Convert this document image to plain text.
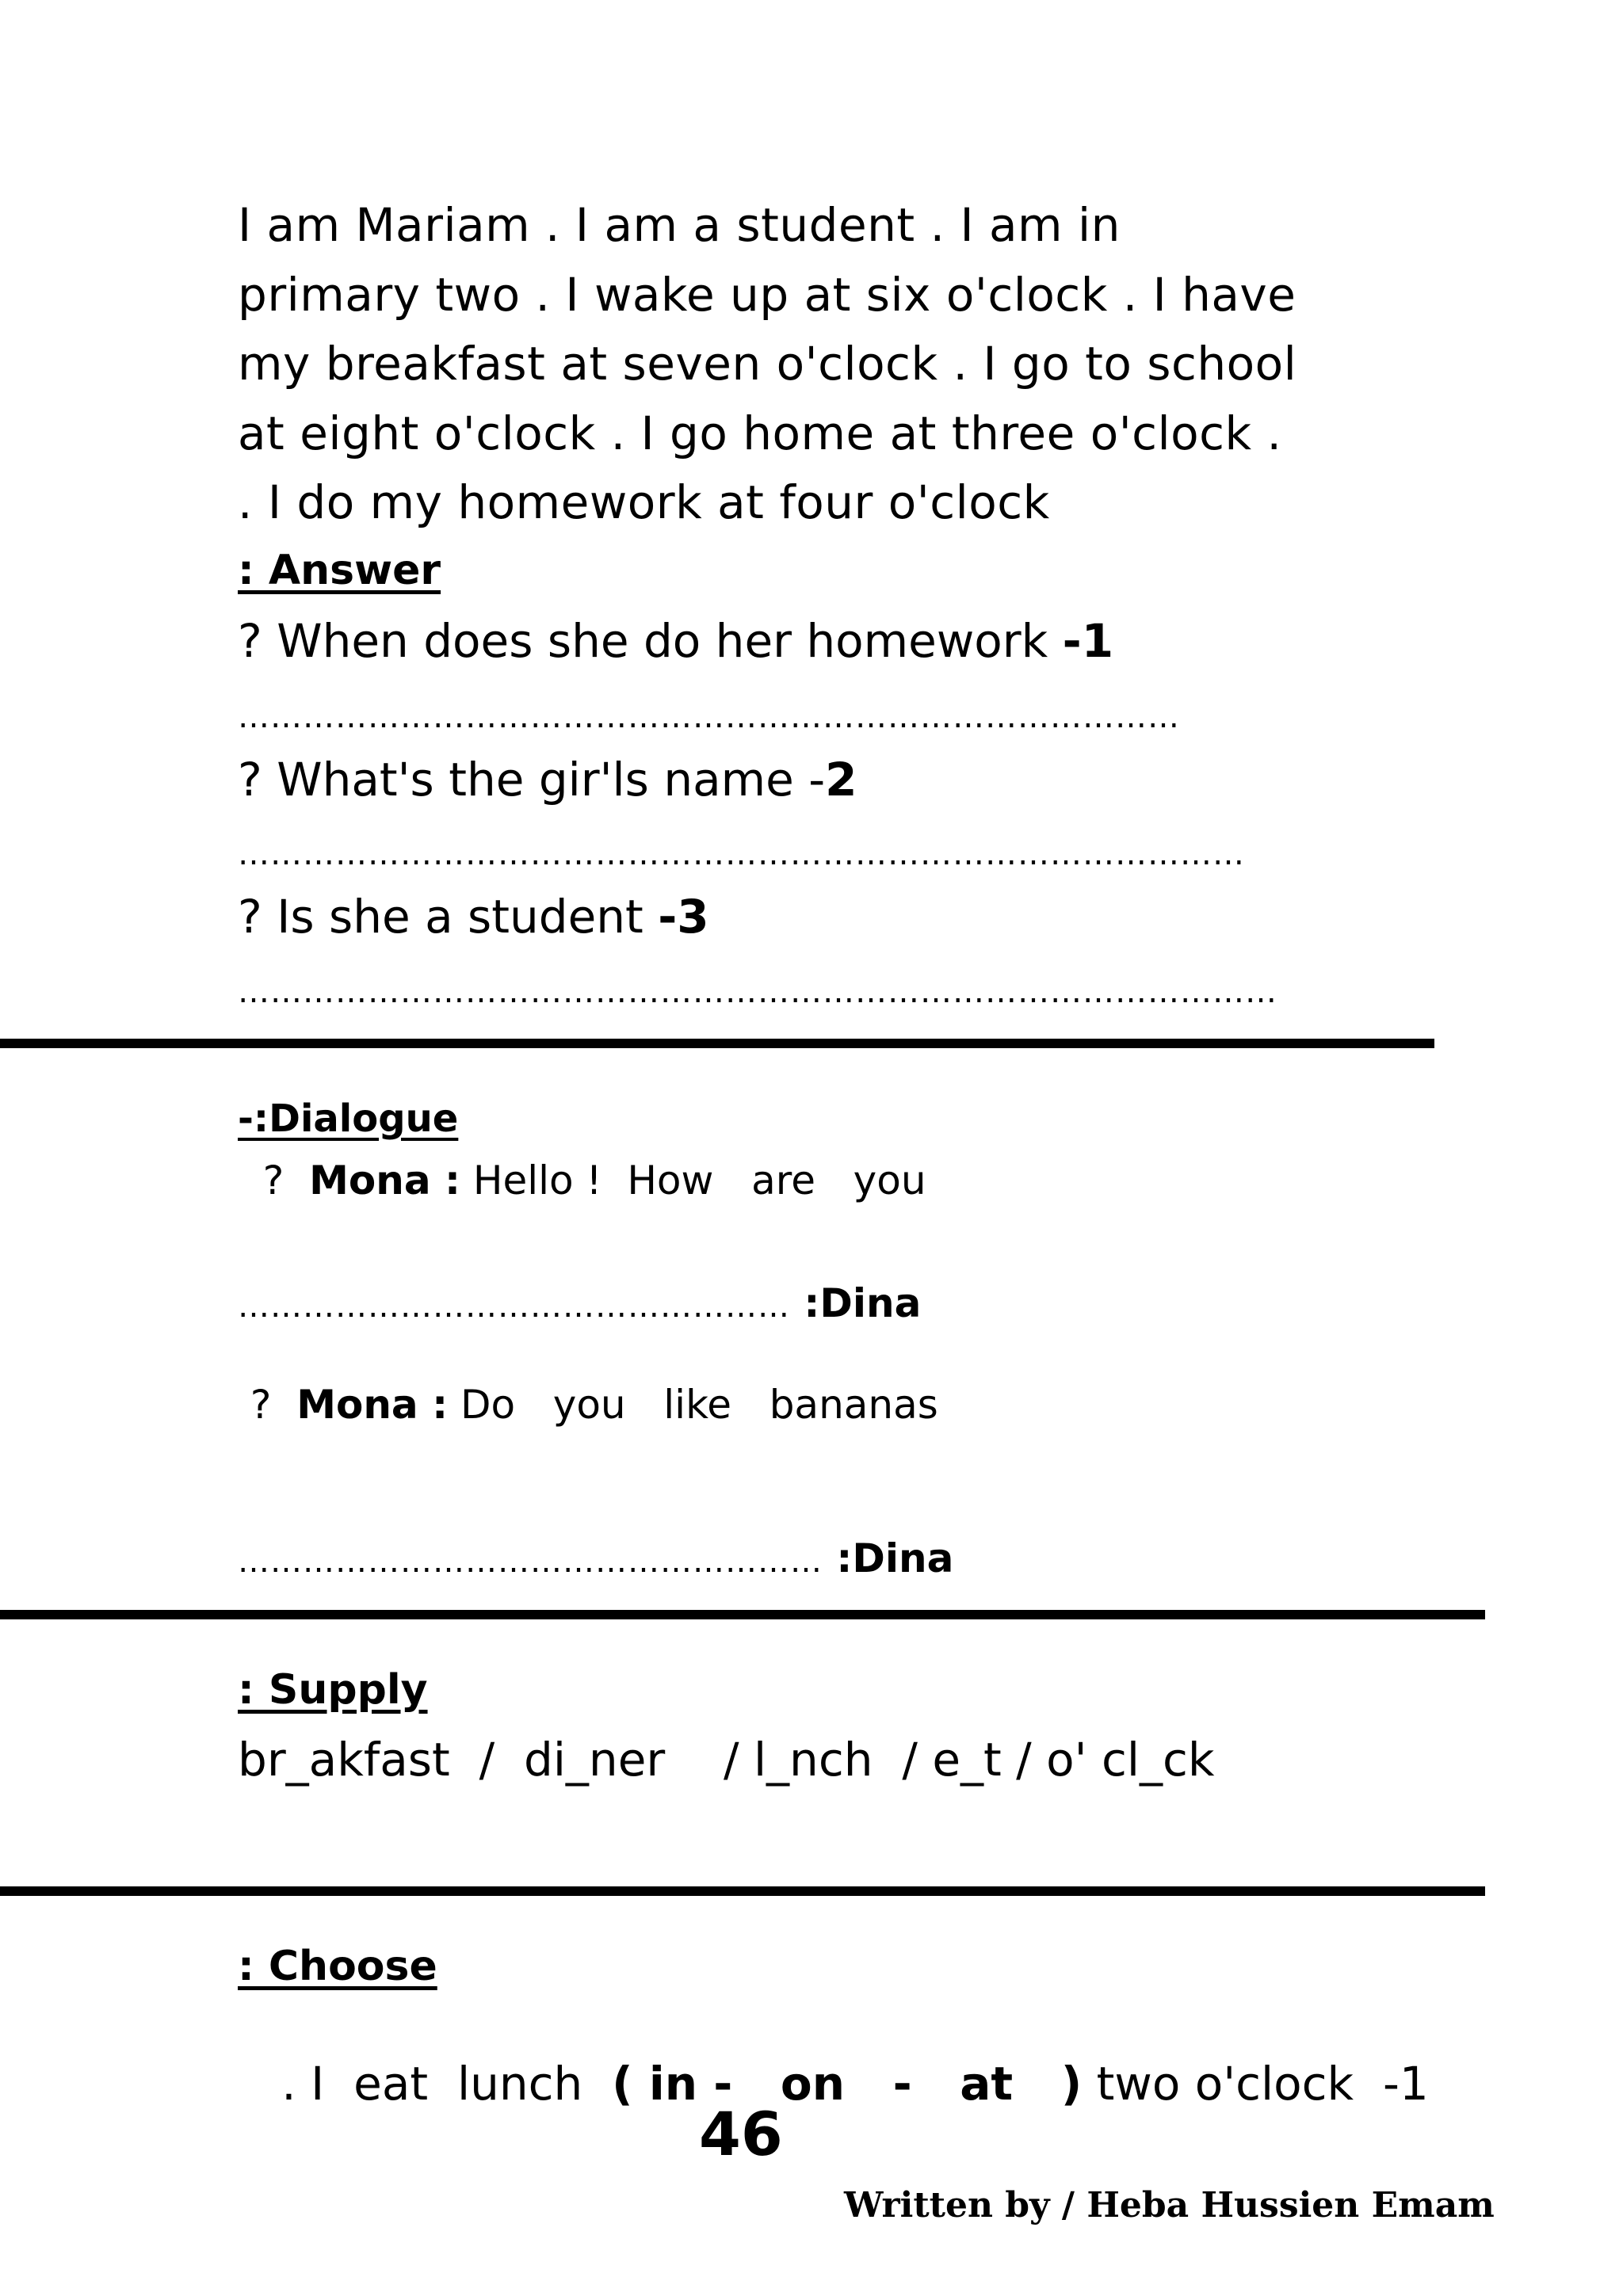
I am Mariam . I am a student . I am in
primary two . I wake up at six o'clock . I have
my breakfast at seven o'clock . I go to school
at eight o'clock . I go home at three o'clock .
. I do my homework at four o'clock
: Answer
? When does she do her homework -1
……………………………………………………………………………
? What's the gir'ls name -2
…………………………………………………………………………………
? Is she a student -3
……………………………………………………………………………………
-:Dialogue
?  Mona : Hello !  How   are   you
…………………………………………… :Dina
?  Mona : Do   you   like   bananas
……………………………………………… :Dina
: Supply
br_akfast  /  di_ner    / l_nch  / e_t / o' cl_ck
: Choose

. I  eat  lunch  ( in -   on   -   at   ) two o'clock  -1

46
Written by / Heba Hussien Emam
